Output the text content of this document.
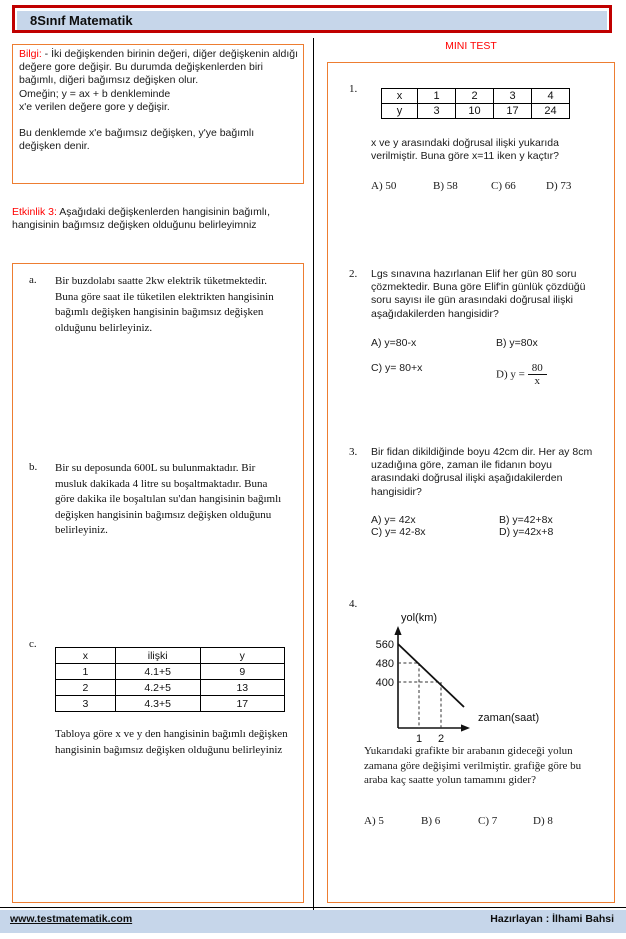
8Sınıf Matematik
Bilgi: - İki değişkenden birinin değeri, diğer değişkenin aldığı değere gore değişir. Bu durumda değişkenlerden biri bağımlı, diğeri bağımsız değişken olur.
Omeğin; y = ax + b denkleminde
x'e verilen değere gore y değişir.

Bu denklemde x'e bağımsız değişken, y'ye bağımlı değişken denir.
Etkinlik 3: Aşağıdaki değişkenlerden hangisinin bağımlı, hangisinin bağımsız değişken olduğunu belirleyimniz
a.	Bir buzdolabı saatte 2kw elektrik tüketmektedir. Buna göre saat ile tüketilen elektrikten hangisinin bağımlı değişken hangisinin bağımsız değişken olduğunu belirleyiniz.
b.	Bir su deposunda 600L su bulunmaktadır. Bir musluk dakikada 4 litre su boşaltmaktadır. Buna göre dakika ile boşaltılan su'dan hangisinin bağımlı değişken hangisinin bağımsız değişken olduğunu belirleyiniz.
c.
x	ilişki	y
1	4.1+5	9
2	4.2+5	13
3	4.3+5	17
Tabloya göre x ve y den hangisinin bağımlı değişken hangisinin bağımsız değişken olduğunu belirleyiniz
MINI TEST
1.
x	1	2	3	4
y	3	10	17	24
x ve y arasındaki doğrusal ilişki yukarıda verilmiştir. Buna göre x=11 iken y kaçtır?
A) 50	B) 58	C) 66	D) 73
2. Lgs sınavına hazırlanan Elif her gün 80 soru çözmektedir. Buna göre Elif'in günlük çözdüğü soru sayısı ile gün arasındaki doğrusal ilişki aşağıdakilerden hangisidir?
A) y=80-x	B) y=80x
C) y= 80+x
D) $y = \frac{80}{x}$
3. Bir fidan dikildiğinde boyu 42cm dir. Her ay 8cm uzadığına göre, zaman ile fidanın boyu arasındaki doğrusal ilişki aşağıdakilerden hangisidir?
A) y= 42x	B) y=42+8x
C) y= 42-8x	D) y=42x+8
4.
560
480
400
1 2
yol(km)
zaman(saat)
Yukarıdaki grafikte bir arabanın gideceği yolun zamana göre değişimi verilmiştir. grafiğe göre bu araba kaç saatte yolun tamamını gider?
A) 5	B) 6	C) 7	D) 8
www.testmatematik.com	Hazırlayan : İlhami Bahsi
